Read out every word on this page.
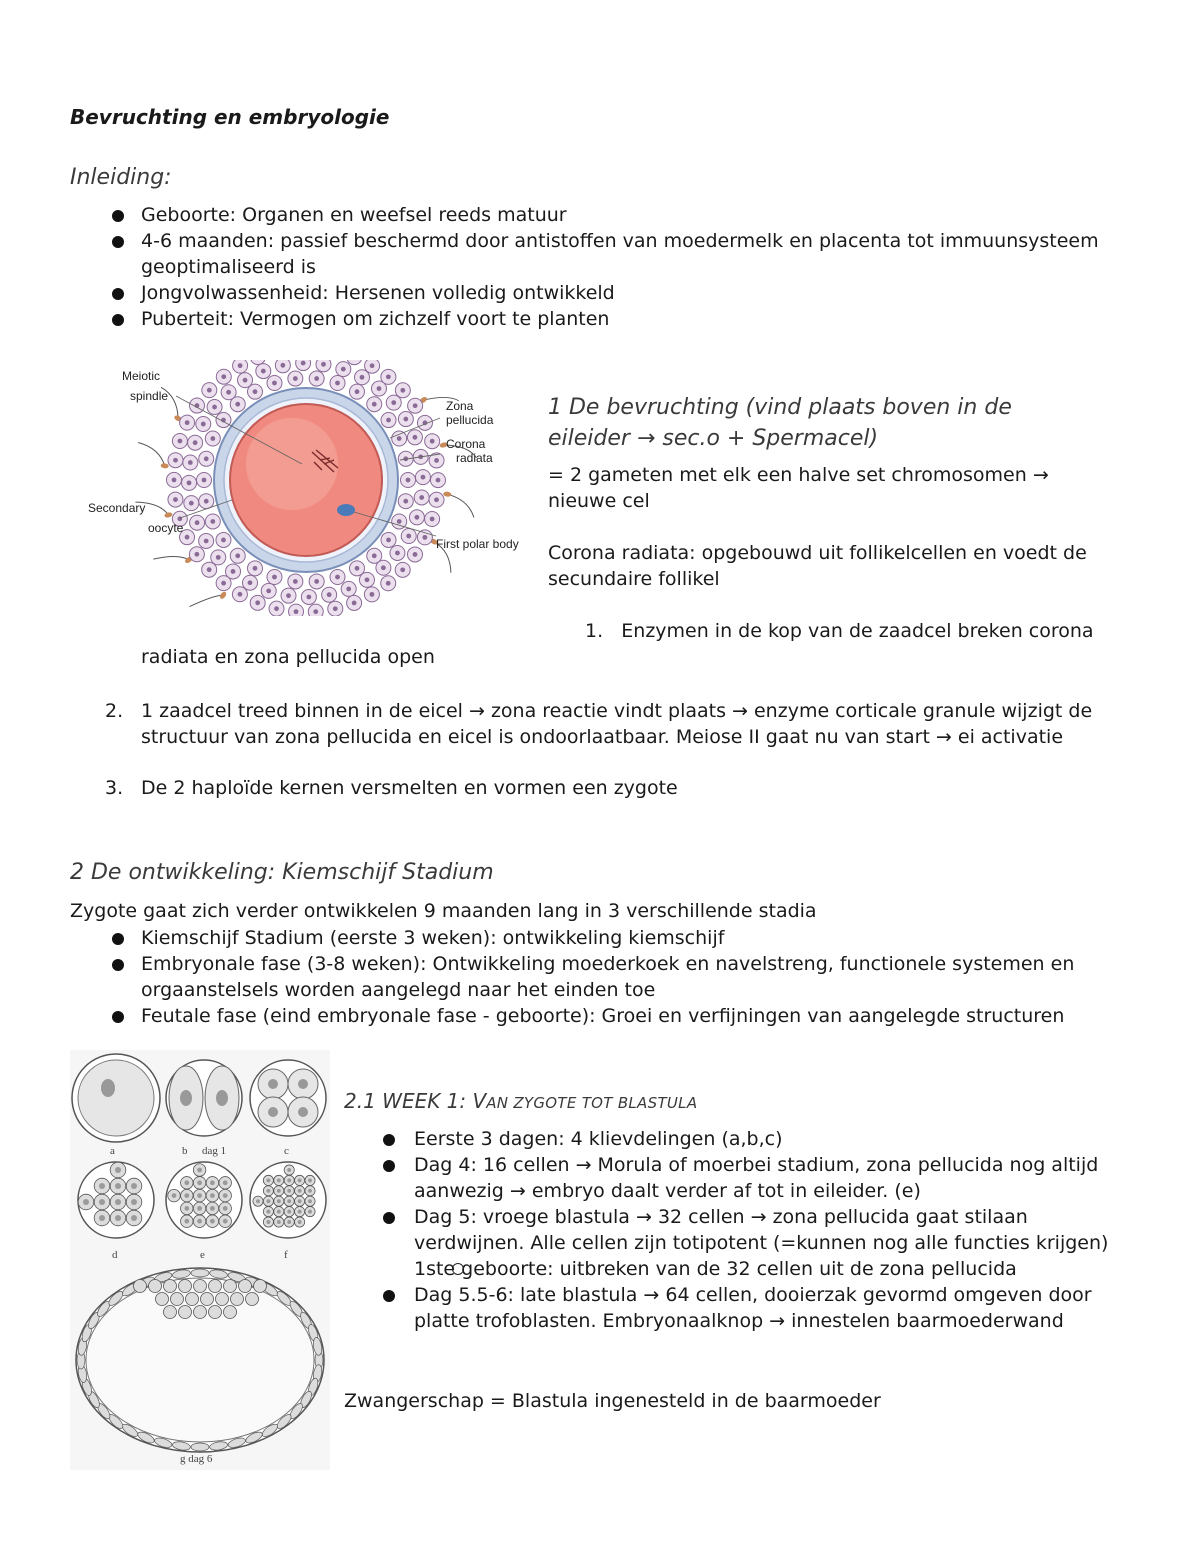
Bevruchting en embryologie
Inleiding:
Geboorte: Organen en weefsel reeds matuur
4-6 maanden: passief beschermd door antistoffen van moedermelk en placenta tot immuunsysteem geoptimaliseerd is
Jongvolwassenheid: Hersenen volledig ontwikkeld
Puberteit: Vermogen om zichzelf voort te planten
Meiotic
spindle
Zona
pellucida
Corona
radiata
Secondary
oocyte
First polar body
1 De bevruchting (vind plaats boven in de eileider → sec.o + Spermacel)
= 2 gameten met elk een halve set chromosomen → nieuwe cel
Corona radiata: opgebouwd uit follikelcellen en voedt de secundaire follikel
1. Enzymen in de kop van de zaadcel breken corona
radiata en zona pellucida open
2. 1 zaadcel treed binnen in de eicel → zona reactie vindt plaats → enzyme corticale granule wijzigt de structuur van zona pellucida en eicel is ondoorlaatbaar. Meiose II gaat nu van start → ei activatie
3. De 2 haploïde kernen versmelten en vormen een zygote
2 De ontwikkeling: Kiemschijf Stadium
Zygote gaat zich verder ontwikkelen 9 maanden lang in 3 verschillende stadia
Kiemschijf Stadium (eerste 3 weken): ontwikkeling kiemschijf
Embryonale fase (3-8 weken): Ontwikkeling moederkoek en navelstreng, functionele systemen en orgaanstelsels worden aangelegd naar het einden toe
Feutale fase (eind embryonale fase - geboorte): Groei en verfijningen van aangelegde structuren
a	b dag 1	c
d	e	f
g dag 6
2.1 WEEK 1: VAN ZYGOTE TOT BLASTULA
Eerste 3 dagen: 4 klievdelingen (a,b,c)
Dag 4: 16 cellen → Morula of moerbei stadium, zona pellucida nog altijd aanwezig → embryo daalt verder af tot in eileider. (e)
Dag 5: vroege blastula → 32 cellen → zona pellucida gaat stilaan verdwijnen. Alle cellen zijn totipotent (=kunnen nog alle functies krijgen)
1ste geboorte: uitbreken van de 32 cellen uit de zona pellucida
Dag 5.5-6: late blastula → 64 cellen, dooierzak gevormd omgeven door platte trofoblasten. Embryonaalknop → innestelen baarmoederwand
Zwangerschap = Blastula ingenesteld in de baarmoeder
